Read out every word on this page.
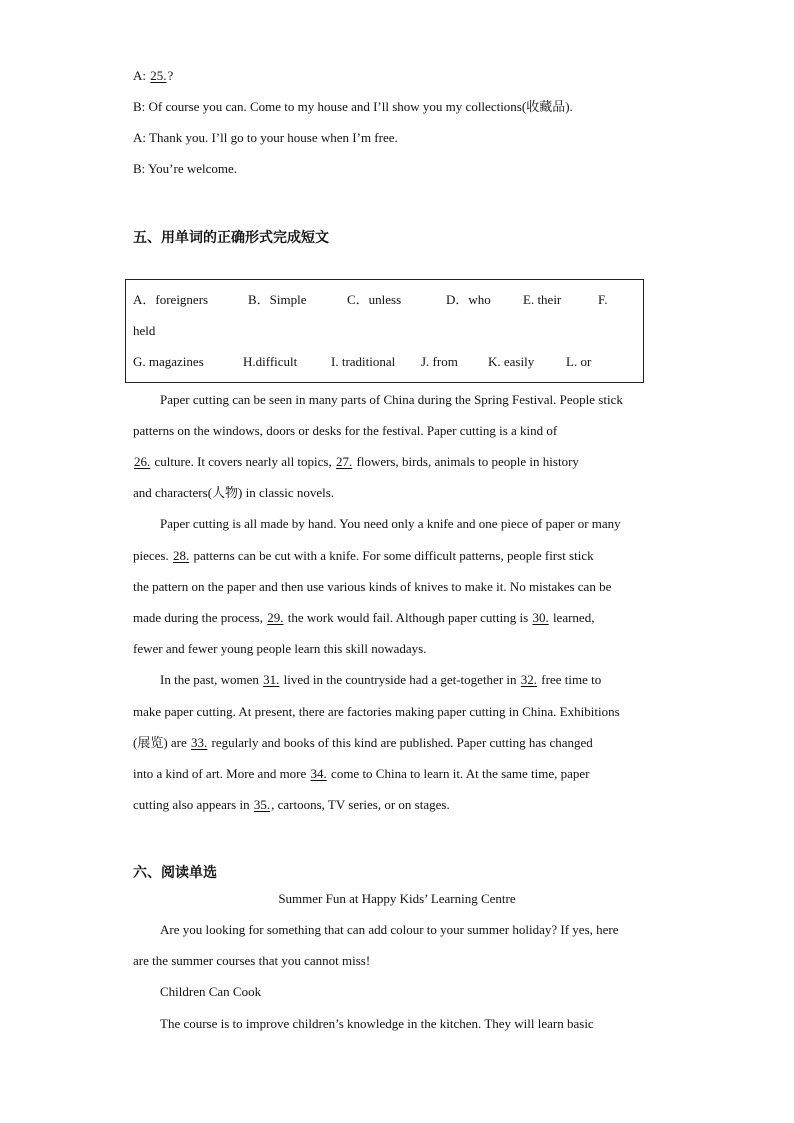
A: 25.?
B: Of course you can. Come to my house and I’ll show you my collections(收藏品).
A: Thank you. I’ll go to your house when I’m free.
B: You’re welcome.
五、用单词的正确形式完成短文
A．foreigners	B．Simple	C．unless	D．who E. their	F.
held
G. magazines	H.difficult	I. traditional J. from K. easily L. or
Paper cutting can be seen in many parts of China during the Spring Festival. People stick
patterns on the windows, doors or desks for the festival. Paper cutting is a kind of
26. culture. It covers nearly all topics, 27. flowers, birds, animals to people in history
and characters(人物) in classic novels.
Paper cutting is all made by hand. You need only a knife and one piece of paper or many
pieces. 28. patterns can be cut with a knife. For some difficult patterns, people first stick
the pattern on the paper and then use various kinds of knives to make it. No mistakes can be
made during the process, 29. the work would fail. Although paper cutting is 30. learned,
fewer and fewer young people learn this skill nowadays.
In the past, women 31. lived in the countryside had a get-together in 32. free time to
make paper cutting. At present, there are factories making paper cutting in China. Exhibitions
(展览) are 33. regularly and books of this kind are published. Paper cutting has changed
into a kind of art. More and more 34. come to China to learn it. At the same time, paper
cutting also appears in 35., cartoons, TV series, or on stages.
六、阅读单选
Summer Fun at Happy Kids’ Learning Centre
Are you looking for something that can add colour to your summer holiday? If yes, here
are the summer courses that you cannot miss!
Children Can Cook
The course is to improve children’s knowledge in the kitchen. They will learn basic
